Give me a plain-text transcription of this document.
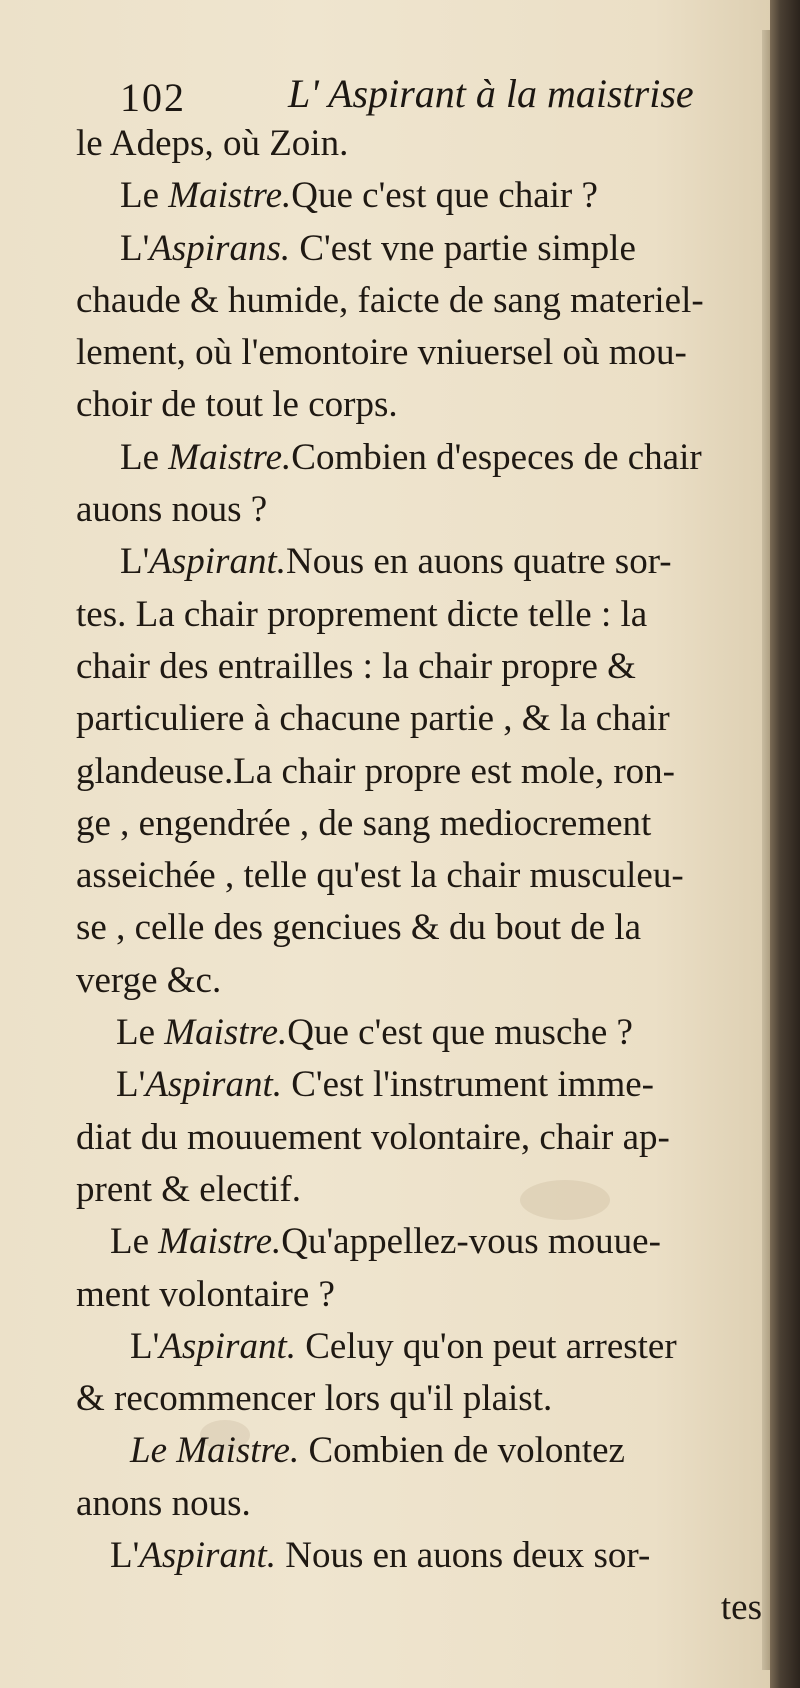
102	L' Aspirant à la maistrise
le Adeps, où Zoin.
Le Maistre.Que c'est que chair ?
L'Aspirans. C'est vne partie simple
chaude & humide, faicte de sang materiel-
lement, où l'emontoire vniuersel où mou-
choir de tout le corps.
Le Maistre.Combien d'especes de chair
auons nous ?
L'Aspirant.Nous en auons quatre sor-
tes. La chair proprement dicte telle : la
chair des entrailles : la chair propre &
particuliere à chacune partie , & la chair
glandeuse.La chair propre est mole, ron-
ge , engendrée , de sang mediocrement
asseichée , telle qu'est la chair musculeu-
se , celle des genciues & du bout de la
verge &c.
Le Maistre.Que c'est que musche ?
L'Aspirant. C'est l'instrument imme-
diat du mouuement volontaire, chair ap-
prent & electif.
Le Maistre.Qu'appellez-vous mouue-
ment volontaire ?
L'Aspirant. Celuy qu'on peut arrester
& recommencer lors qu'il plaist.
Le Maistre. Combien de volontez
anons nous.
L'Aspirant. Nous en auons deux sor-
tes
